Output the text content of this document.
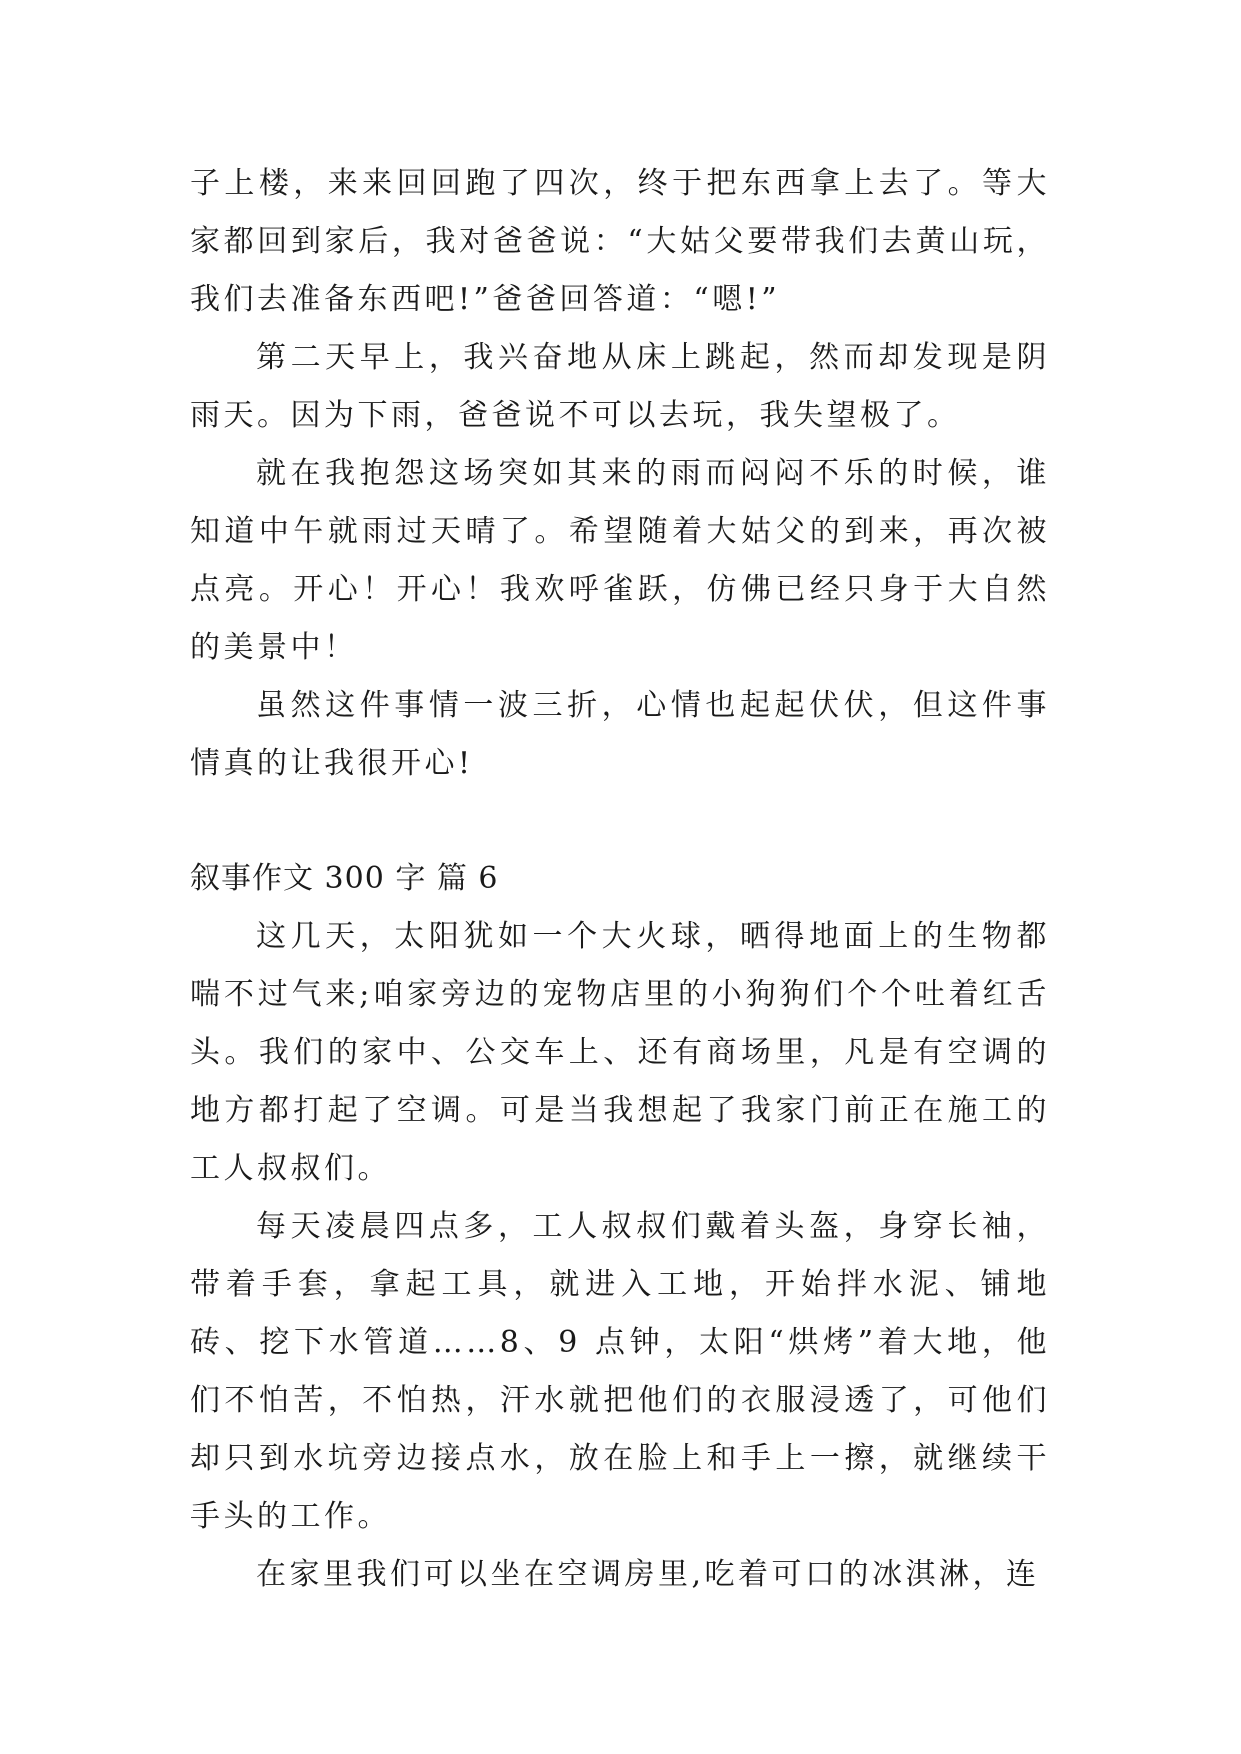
子上楼，来来回回跑了四次，终于把东西拿上去了。等大家都回到家后，我对爸爸说：“大姑父要带我们去黄山玩，我们去准备东西吧!”爸爸回答道：“嗯!”

第二天早上，我兴奋地从床上跳起，然而却发现是阴雨天。因为下雨，爸爸说不可以去玩，我失望极了。

就在我抱怨这场突如其来的雨而闷闷不乐的时候，谁知道中午就雨过天晴了。希望随着大姑父的到来，再次被点亮。开心！开心！我欢呼雀跃，仿佛已经只身于大自然的美景中！

虽然这件事情一波三折，心情也起起伏伏，但这件事情真的让我很开心!

叙事作文 300 字 篇 6

这几天，太阳犹如一个大火球，晒得地面上的生物都喘不过气来;咱家旁边的宠物店里的小狗狗们个个吐着红舌头。我们的家中、公交车上、还有商场里，凡是有空调的地方都打起了空调。可是当我想起了我家门前正在施工的工人叔叔们。

每天凌晨四点多，工人叔叔们戴着头盔，身穿长袖，带着手套，拿起工具，就进入工地，开始拌水泥、铺地砖、挖下水管道……8、9 点钟，太阳“烘烤”着大地，他们不怕苦，不怕热，汗水就把他们的衣服浸透了，可他们却只到水坑旁边接点水，放在脸上和手上一擦，就继续干手头的工作。

在家里我们可以坐在空调房里,吃着可口的冰淇淋，连
